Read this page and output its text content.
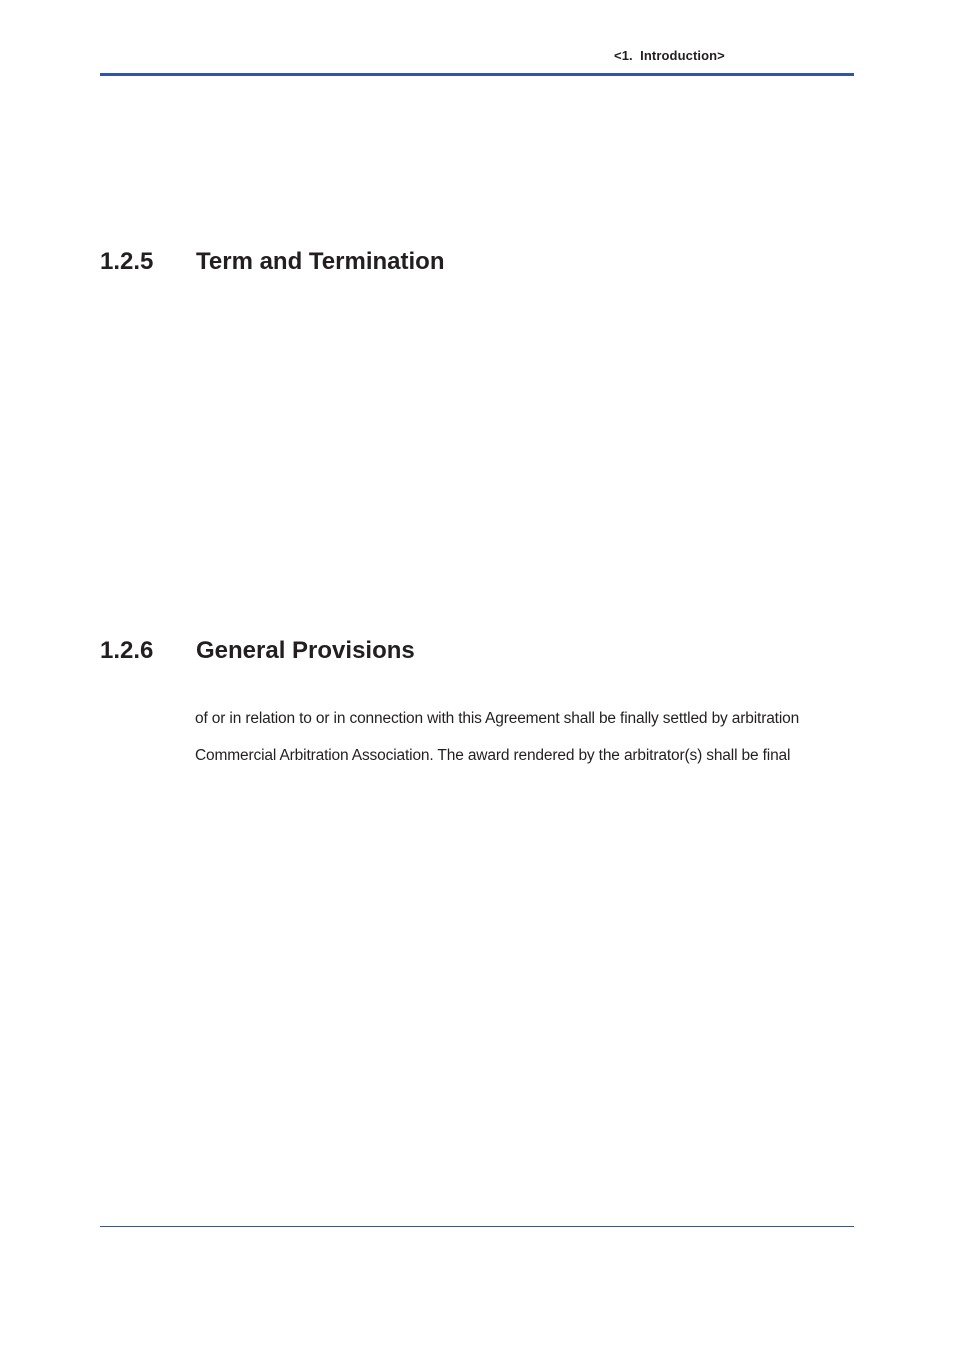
<1.  Introduction>
1.2.5 Term and Termination
1.2.6 General Provisions
of or in relation to or in connection with this Agreement shall be finally settled by arbitration
Commercial Arbitration Association. The award rendered by the arbitrator(s) shall be final
